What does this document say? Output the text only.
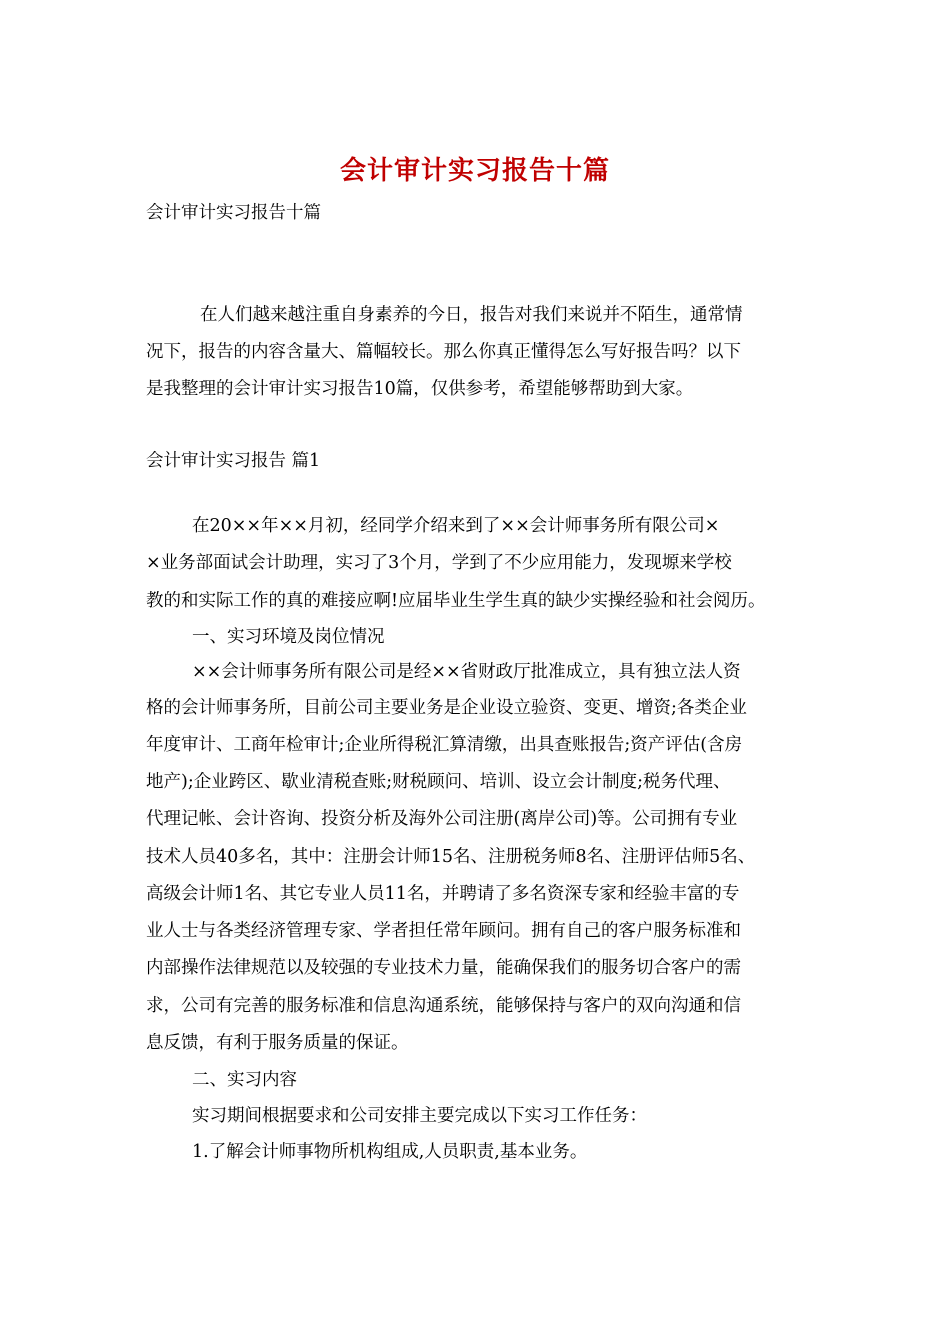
会计审计实习报告十篇
会计审计实习报告十篇
在人们越来越注重自身素养的今日，报告对我们来说并不陌生，通常情
况下，报告的内容含量大、篇幅较长。那么你真正懂得怎么写好报告吗？以下
是我整理的会计审计实习报告10篇，仅供参考，希望能够帮助到大家。
会计审计实习报告 篇1
在20××年××月初，经同学介绍来到了××会计师事务所有限公司×
×业务部面试会计助理，实习了3个月，学到了不少应用能力，发现塬来学校
教的和实际工作的真的难接应啊!应届毕业生学生真的缺少实操经验和社会阅历。
一、实习环境及岗位情况
××会计师事务所有限公司是经××省财政厅批准成立，具有独立法人资
格的会计师事务所，目前公司主要业务是企业设立验资、变更、增资;各类企业
年度审计、工商年检审计;企业所得税汇算清缴，出具查账报告;资产评估(含房
地产);企业跨区、歇业清税查账;财税顾问、培训、设立会计制度;税务代理、
代理记帐、会计咨询、投资分析及海外公司注册(离岸公司)等。公司拥有专业
技术人员40多名，其中：注册会计师15名、注册税务师8名、注册评估师5名、
高级会计师1名、其它专业人员11名，并聘请了多名资深专家和经验丰富的专
业人士与各类经济管理专家、学者担任常年顾问。拥有自己的客户服务标准和
内部操作法律规范以及较强的专业技术力量，能确保我们的服务切合客户的需
求，公司有完善的服务标准和信息沟通系统，能够保持与客户的双向沟通和信
息反馈，有利于服务质量的保证。
二、实习内容
实习期间根据要求和公司安排主要完成以下实习工作任务：
1.了解会计师事物所机构组成,人员职责,基本业务。
